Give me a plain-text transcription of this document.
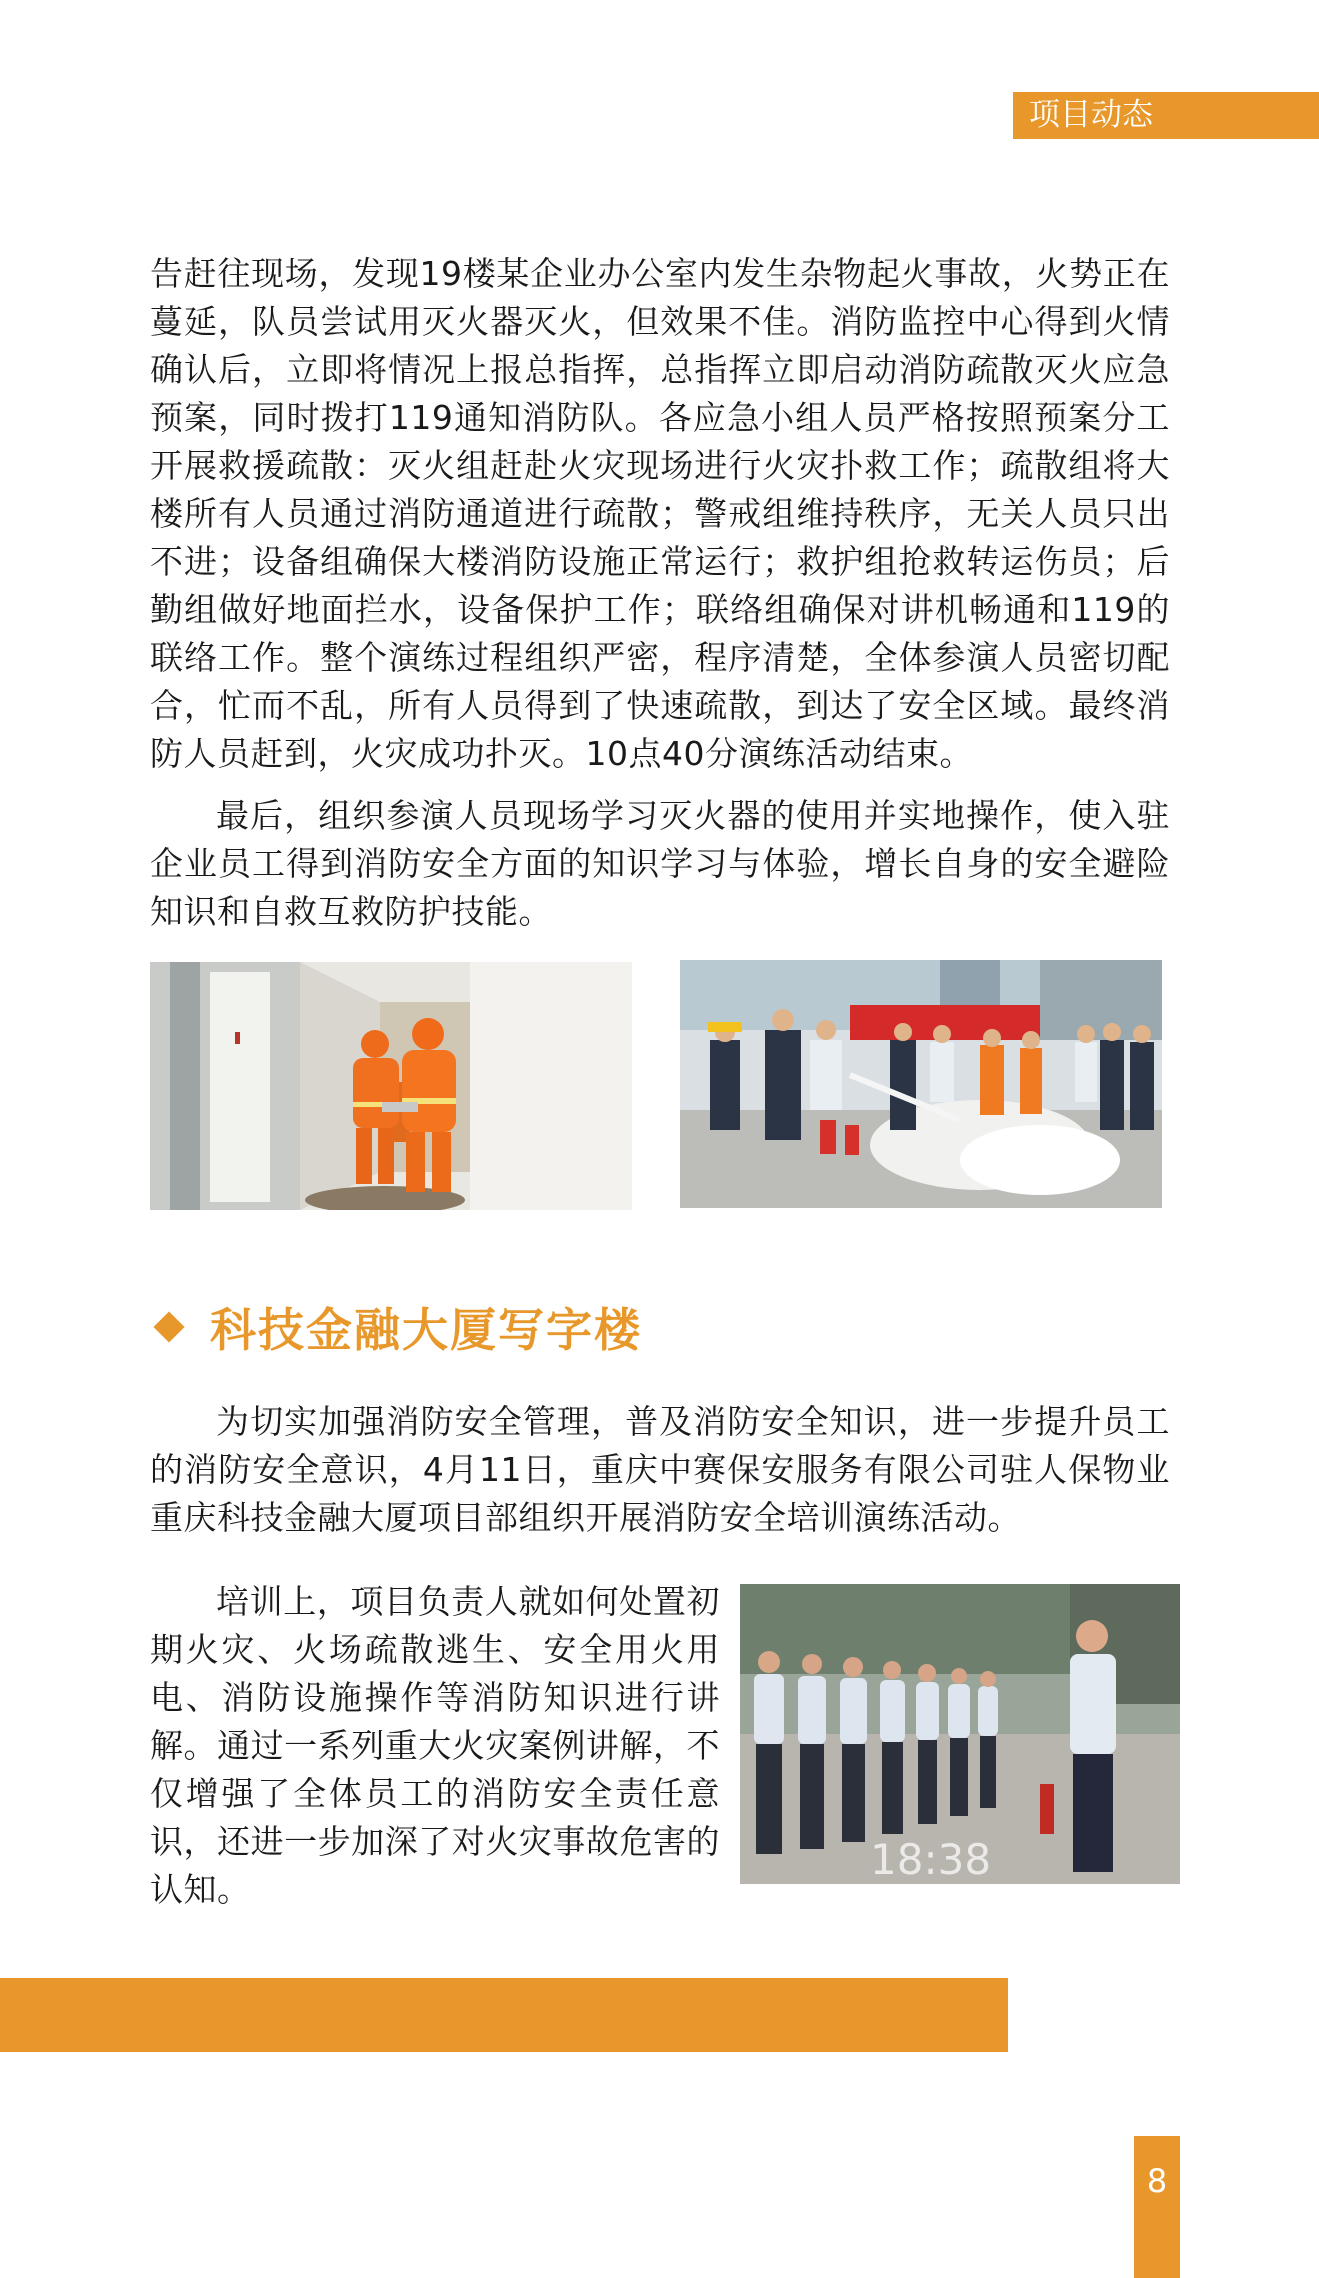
项目动态

告赶往现场，发现19楼某企业办公室内发生杂物起火事故，火势正在蔓延，队员尝试用灭火器灭火，但效果不佳。消防监控中心得到火情确认后，立即将情况上报总指挥，总指挥立即启动消防疏散灭火应急预案，同时拨打119通知消防队。各应急小组人员严格按照预案分工开展救援疏散：灭火组赶赴火灾现场进行火灾扑救工作；疏散组将大楼所有人员通过消防通道进行疏散；警戒组维持秩序，无关人员只出不进；设备组确保大楼消防设施正常运行；救护组抢救转运伤员；后勤组做好地面拦水，设备保护工作；联络组确保对讲机畅通和119的联络工作。整个演练过程组织严密，程序清楚，全体参演人员密切配合，忙而不乱，所有人员得到了快速疏散，到达了安全区域。最终消防人员赶到，火灾成功扑灭。10点40分演练活动结束。

最后，组织参演人员现场学习灭火器的使用并实地操作，使入驻企业员工得到消防安全方面的知识学习与体验，增长自身的安全避险知识和自救互救防护技能。

科技金融大厦写字楼

为切实加强消防安全管理，普及消防安全知识，进一步提升员工的消防安全意识，4月11日，重庆中赛保安服务有限公司驻人保物业重庆科技金融大厦项目部组织开展消防安全培训演练活动。

培训上，项目负责人就如何处置初期火灾、火场疏散逃生、安全用火用电、消防设施操作等消防知识进行讲解。通过一系列重大火灾案例讲解，不仅增强了全体员工的消防安全责任意识，还进一步加深了对火灾事故危害的认知。

18:38
8
